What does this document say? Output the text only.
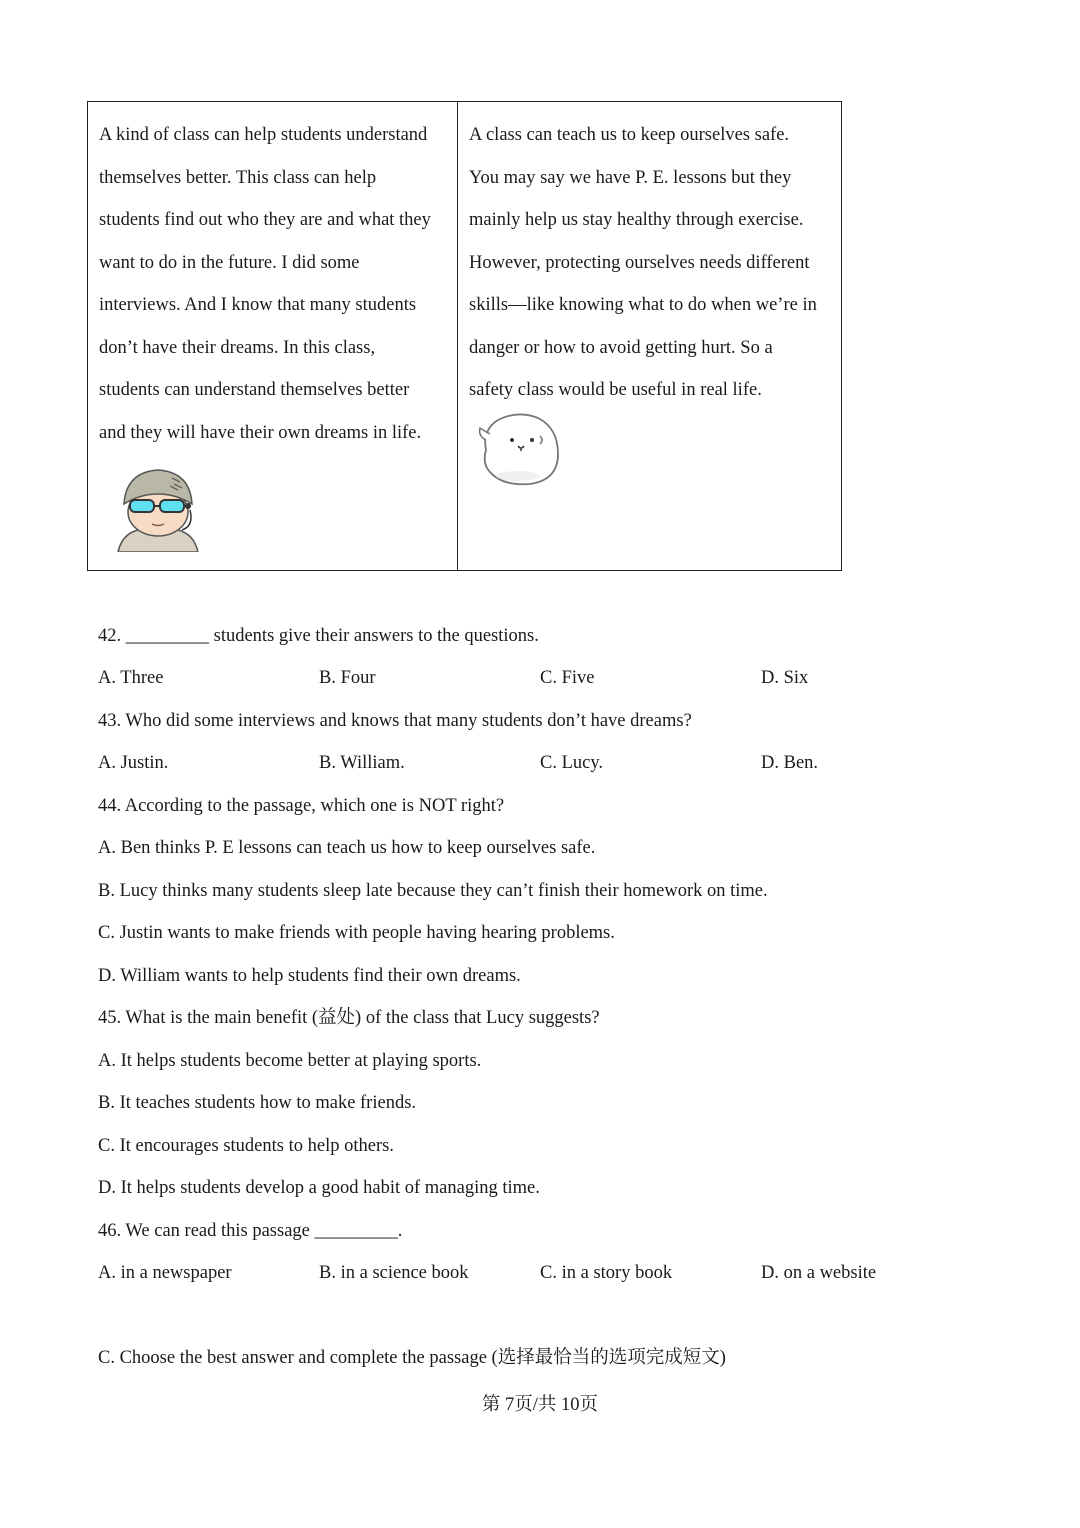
A kind of class can help students understand
themselves better. This class can help
students find out who they are and what they
want to do in the future. I did some
interviews. And I know that many students
don’t have their dreams. In this class,
students can understand themselves better
and they will have their own dreams in life.
A class can teach us to keep ourselves safe.
You may say we have P. E. lessons but they
mainly help us stay healthy through exercise.
However, protecting ourselves needs different
skills—like knowing what to do when we’re in
danger or how to avoid getting hurt. So a
safety class would be useful in real life.
42. _________ students give their answers to the questions.
A. Three	B. Four	C. Five	D. Six
43. Who did some interviews and knows that many students don’t have dreams?
A. Justin.	B. William.	C. Lucy.	D. Ben.
44. According to the passage, which one is NOT right?
A. Ben thinks P. E lessons can teach us how to keep ourselves safe.
B. Lucy thinks many students sleep late because they can’t finish their homework on time.
C. Justin wants to make friends with people having hearing problems.
D. William wants to help students find their own dreams.
45. What is the main benefit (益处) of the class that Lucy suggests?
A. It helps students become better at playing sports.
B. It teaches students how to make friends.
C. It encourages students to help others.
D. It helps students develop a good habit of managing time.
46. We can read this passage _________.
A. in a newspaper	B. in a science book	C. in a story book	D. on a website
C. Choose the best answer and complete the passage (选择最恰当的选项完成短文)
第 7页/共 10页
